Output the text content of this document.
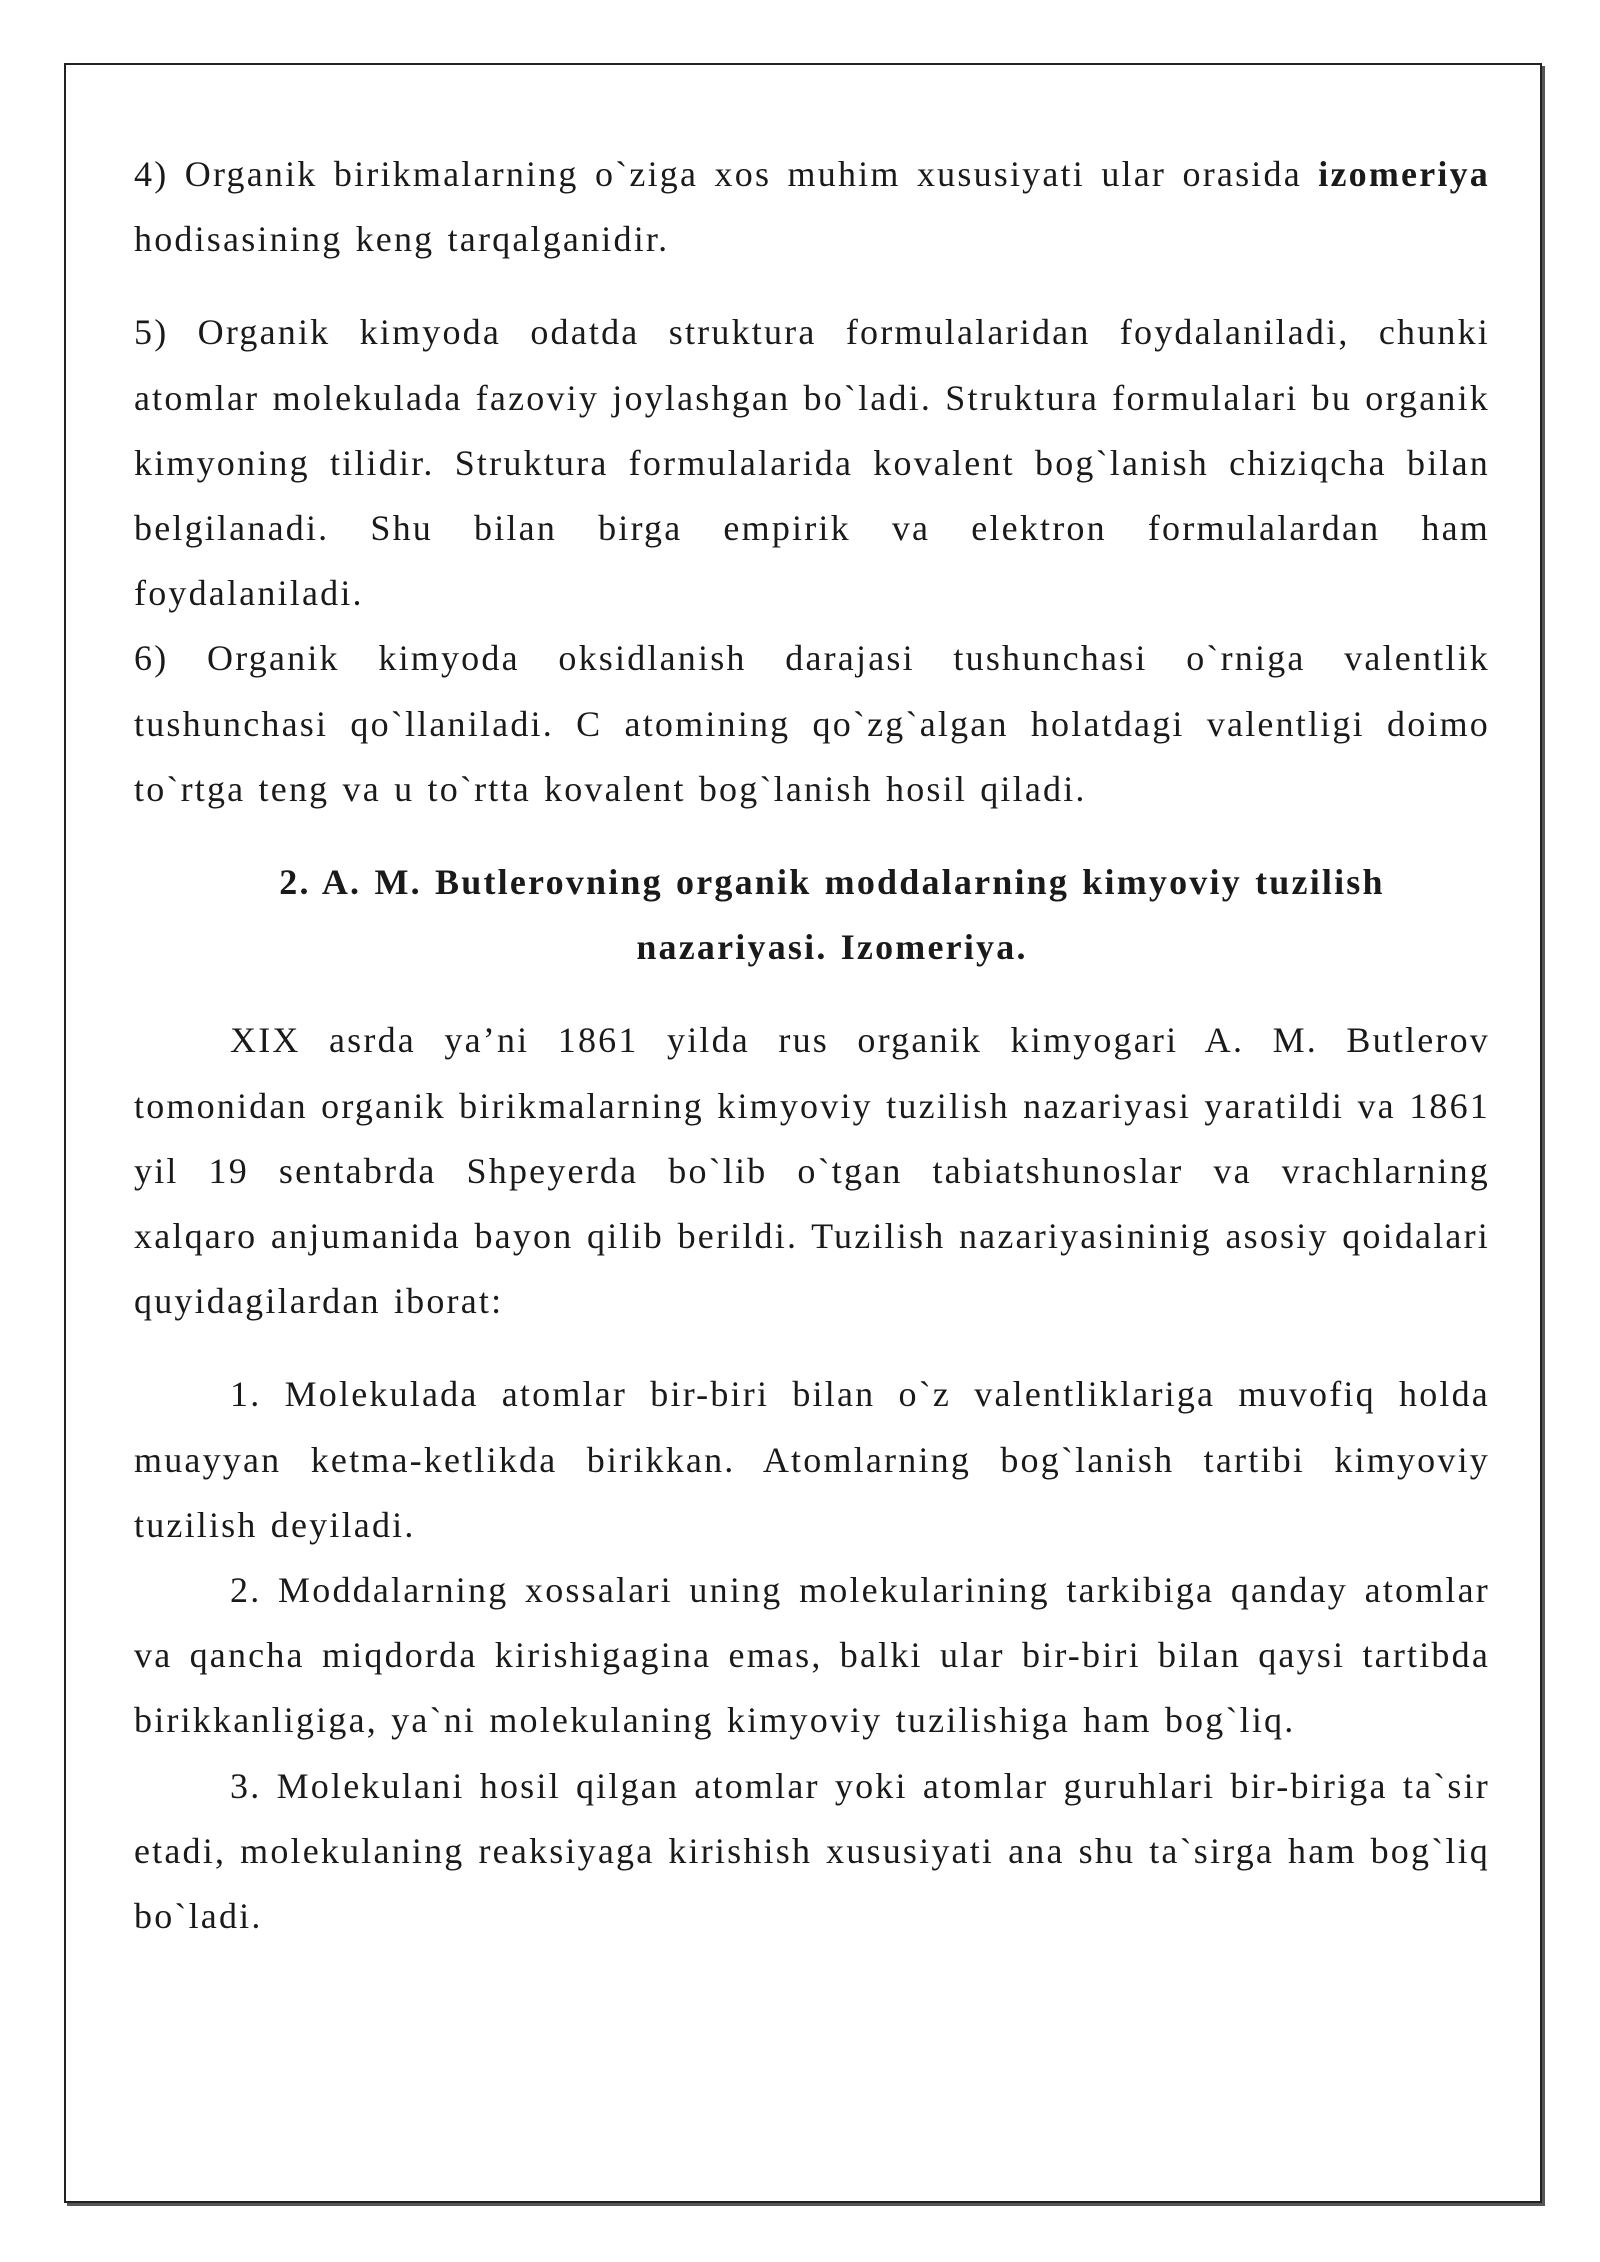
4) Organik birikmalarning o`ziga xos muhim xususiyati ular orasida izomeriya hodisasining keng tarqalganidir.

5) Organik kimyoda odatda struktura formulalaridan foydalaniladi, chunki atomlar molekulada fazoviy joylashgan bo`ladi. Struktura formulalari bu organik kimyoning tilidir. Struktura formulalarida kovalent bog`lanish chiziqcha bilan belgilanadi. Shu bilan birga empirik va elektron formulalardan ham foydalaniladi.

6) Organik kimyoda oksidlanish darajasi tushunchasi o`rniga valentlik tushunchasi qo`llaniladi. C atomining qo`zg`algan holatdagi valentligi doimo to`rtga teng va u to`rtta kovalent bog`lanish hosil qiladi.

2. A. M. Butlerovning organik moddalarning kimyoviy tuzilish
nazariyasi. Izomeriya.

XIX asrda ya’ni 1861 yilda rus organik kimyogari A. M. Butlerov tomonidan organik birikmalarning kimyoviy tuzilish nazariyasi yaratildi va 1861 yil 19 sentabrda Shpeyerda bo`lib o`tgan tabiatshunoslar va vrachlarning xalqaro anjumanida bayon qilib berildi. Tuzilish nazariyasininig asosiy qoidalari quyidagilardan iborat:

1. Molekulada atomlar bir-biri bilan o`z valentliklariga muvofiq holda muayyan ketma-ketlikda birikkan. Atomlarning bog`lanish tartibi kimyoviy tuzilish deyiladi.

2. Moddalarning xossalari uning molekularining tarkibiga qanday atomlar va qancha miqdorda kirishigagina emas, balki ular bir-biri bilan qaysi tartibda birikkanligiga, ya`ni molekulaning kimyoviy tuzilishiga ham bog`liq.

3. Molekulani hosil qilgan atomlar yoki atomlar guruhlari bir-biriga ta`sir etadi, molekulaning reaksiyaga kirishish xususiyati ana shu ta`sirga ham bog`liq bo`ladi.
